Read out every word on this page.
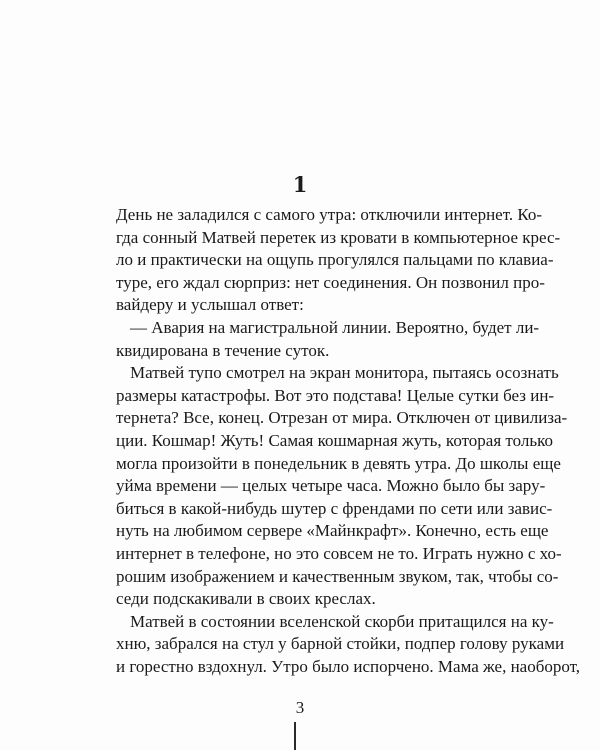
1
День не заладился с самого утра: отключили интернет. Ко-
гда сонный Матвей перетек из кровати в компьютерное крес-
ло и практически на ощупь прогулялся пальцами по клавиа-
туре, его ждал сюрприз: нет соединения. Он позвонил про-
вайдеру и услышал ответ:
— Авария на магистральной линии. Вероятно, будет ли-
квидирована в течение суток.
Матвей тупо смотрел на экран монитора, пытаясь осознать
размеры катастрофы. Вот это подстава! Целые сутки без ин-
тернета? Все, конец. Отрезан от мира. Отключен от цивилиза-
ции. Кошмар! Жуть! Самая кошмарная жуть, которая только
могла произойти в понедельник в девять утра. До школы еще
уйма времени — целых четыре часа. Можно было бы зару-
биться в какой-нибудь шутер с френдами по сети или завис-
нуть на любимом сервере «Майнкрафт». Конечно, есть еще
интернет в телефоне, но это совсем не то. Играть нужно с хо-
рошим изображением и качественным звуком, так, чтобы со-
седи подскакивали в своих креслах.
Матвей в состоянии вселенской скорби притащился на ку-
хню, забрался на стул у барной стойки, подпер голову руками
и горестно вздохнул. Утро было испорчено. Мама же, наоборот,
3
